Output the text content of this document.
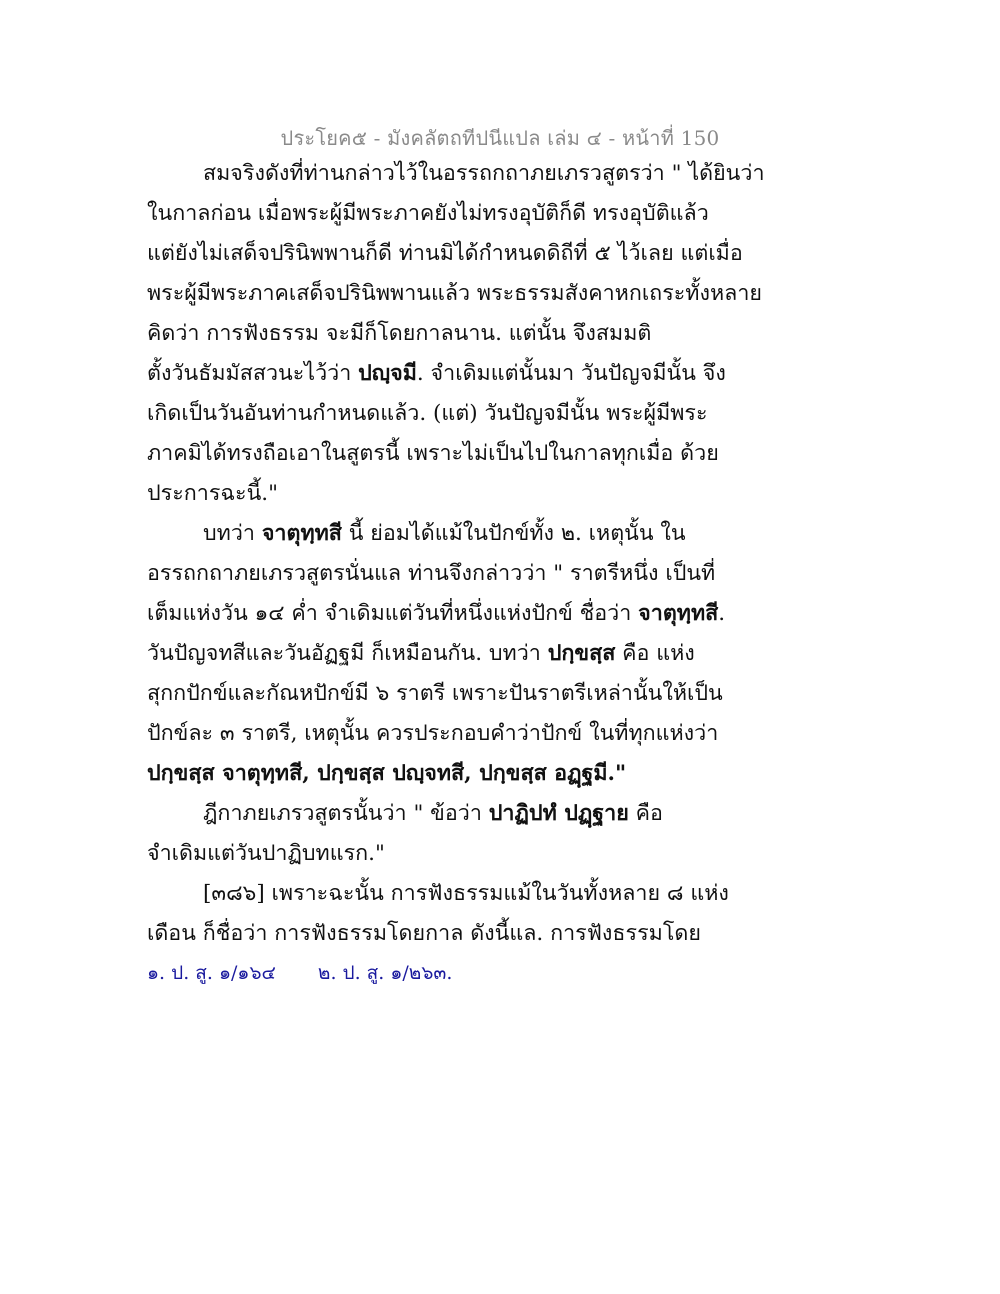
ประโยค๕ - มังคลัตถทีปนีแปล เล่ม ๔ - หน้าที่ 150
สมจริงดังที่ท่านกล่าวไว้ในอรรถกถาภยเภรวสูตรว่า " ได้ยินว่า
ในกาลก่อน เมื่อพระผู้มีพระภาคยังไม่ทรงอุบัติก็ดี ทรงอุบัติแล้ว
แต่ยังไม่เสด็จปรินิพพานก็ดี ท่านมิได้กำหนดดิถีที่ ๕ ไว้เลย แต่เมื่อ
พระผู้มีพระภาคเสด็จปรินิพพานแล้ว พระธรรมสังคาหกเถระทั้งหลาย
คิดว่า การฟังธรรม จะมีก็โดยกาลนาน. แต่นั้น จึงสมมติ
ตั้งวันธัมมัสสวนะไว้ว่า ปญฺจมี. จำเดิมแต่นั้นมา วันปัญจมีนั้น จึง
เกิดเป็นวันอันท่านกำหนดแล้ว. (แต่) วันปัญจมีนั้น พระผู้มีพระ
ภาคมิได้ทรงถือเอาในสูตรนี้ เพราะไม่เป็นไปในกาลทุกเมื่อ ด้วย
ประการฉะนี้."
บทว่า จาตุทฺทสี นี้ ย่อมได้แม้ในปักข์ทั้ง ๒. เหตุนั้น ใน
อรรถกถาภยเภรวสูตรนั่นแล ท่านจึงกล่าวว่า " ราตรีหนึ่ง เป็นที่
เต็มแห่งวัน ๑๔ ค่ำ จำเดิมแต่วันที่หนึ่งแห่งปักข์ ชื่อว่า จาตุทฺทสี.
วันปัญจทสีและวันอัฏฐมี ก็เหมือนกัน. บทว่า ปกฺขสฺส คือ แห่ง
สุกกปักข์และกัณหปักข์มี ๖ ราตรี เพราะปันราตรีเหล่านั้นให้เป็น
ปักข์ละ ๓ ราตรี, เหตุนั้น ควรประกอบคำว่าปักข์ ในที่ทุกแห่งว่า
ปกฺขสฺส จาตุทฺทสี, ปกฺขสฺส ปญฺจทสี, ปกฺขสฺส อฏฺฐมี."
ฎีกาภยเภรวสูตรนั้นว่า " ข้อว่า ปาฏิปทํ ปฏฺฐาย คือ
จำเดิมแต่วันปาฏิบทแรก."
[๓๘๖] เพราะฉะนั้น การฟังธรรมแม้ในวันทั้งหลาย ๘ แห่ง
เดือน ก็ชื่อว่า การฟังธรรมโดยกาล ดังนี้แล. การฟังธรรมโดย
๑. ป. สู. ๑/๑๖๔ ๒. ป. สู. ๑/๒๖๓.
